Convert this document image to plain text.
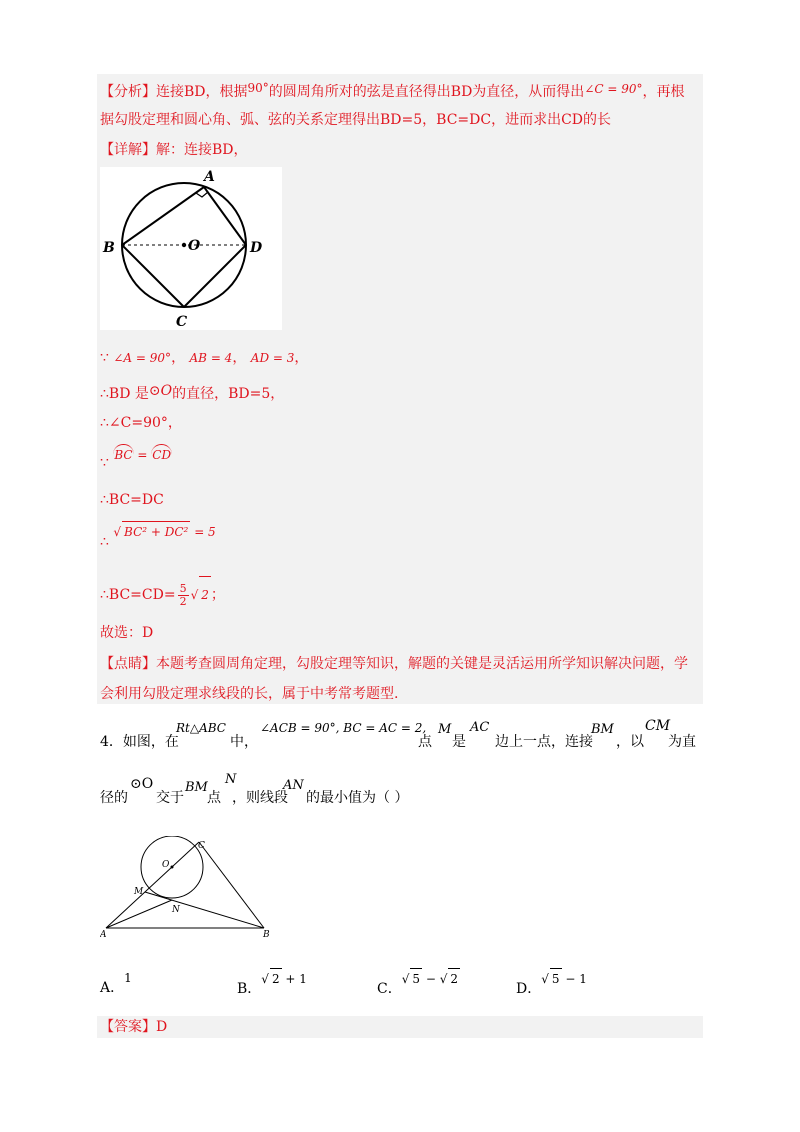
【分析】连接BD，根据90°的圆周角所对的弦是直径得出BD为直径，从而得出∠C = 90°，再根
据勾股定理和圆心角、弧、弦的关系定理得出BD=5，BC=DC，进而求出CD的长
【详解】解：连接BD，
A
B	O	D
C
∵ ∠A = 90°， AB = 4， AD = 3，
∴BD 是⊙O的直径，BD=5，
∴∠C=90°，
∵ BC = CD
∴BC=DC
∴ √ BC² + DC² = 5
∴BC=CD= $\frac{5}{2}$ √ 2 ；
故选：D
【点睛】本题考查圆周角定理，勾股定理等知识，解题的关键是灵活运用所学知识解决问题，学
会利用勾股定理求线段的长，属于中考常考题型.
4．如图，在
Rt△ABC
中，
∠ACB = 90°, BC = AC = 2,
点
M
是
AC
边上一点，连接
BM
，以
CM
为直
径的
⊙O
交于
BM
点
N
，则线段
AN
的最小值为（ ）
C
O
M
N
A	B
A．1
B．√ 2 + 1
C．√ 5 − √ 2
D．√ 5 − 1
【答案】D
